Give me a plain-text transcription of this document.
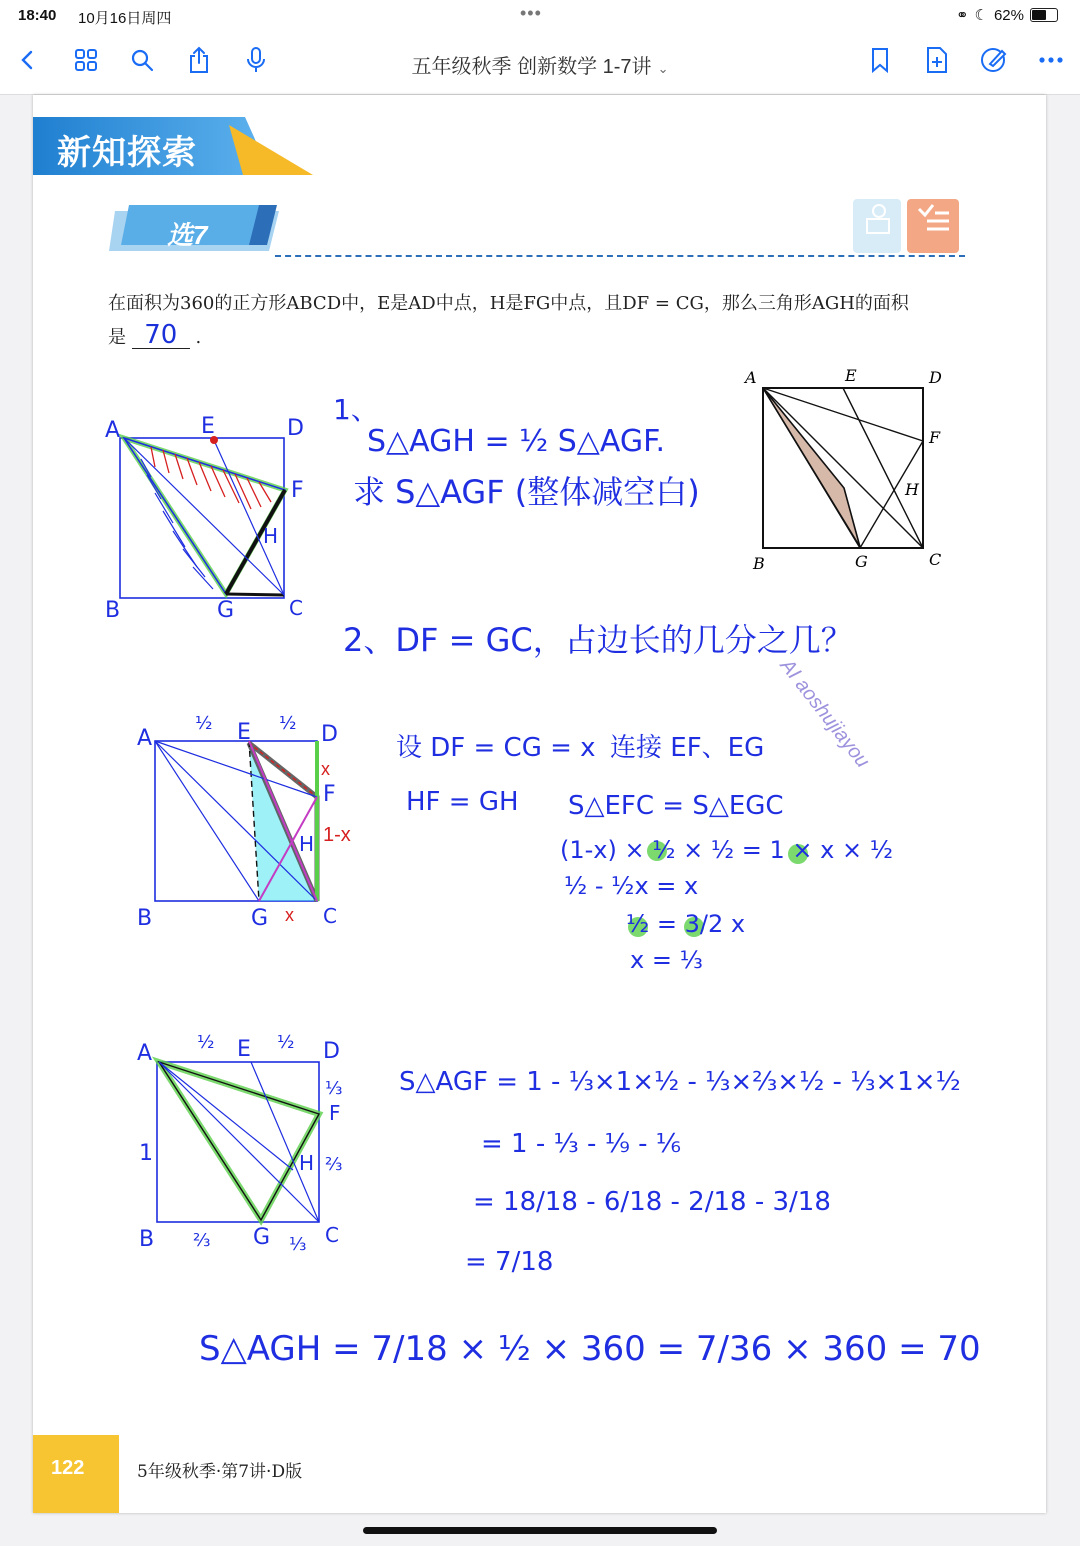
18:40 10月16日周四	•••	⚭ ☾ 62%
五年级秋季 创新数学 1-7讲 ⌄
新知探索
选7
在面积为360的正方形ABCD中，E是AD中点，H是FG中点，且DF = CG，那么三角形AGH的面积
是 70 .
A	E	D
F
H
B	G	C
A	E	D
F
H
B	G	C
1、
S△AGH = ½ S△AGF.
求 S△AGF (整体减空白)
2、DF = GC，占边长的几分之几？
AI aoshujiayou
A	E	D
F
H
B	G	C
½	½
x
1-x
x
设 DF = CG = x 连接 EF、EG
HF = GH S△EFC = S△EGC
(1-x) × ½ × ½ = 1 × x × ½
½ - ½x = x
½ = 3/2 x
x = ⅓
A	E	D
F
H
B	G	C
½	½
1
⅓
⅔
⅔	⅓
S△AGF = 1 - ⅓×1×½ - ⅓×⅔×½ - ⅓×1×½
= 1 - ⅓ - ⅑ - ⅙
= 18/18 - 6/18 - 2/18 - 3/18
= 7/18
S△AGH = 7/18 × ½ × 360 = 7/36 × 360 = 70
122	5年级秋季·第7讲·D版
